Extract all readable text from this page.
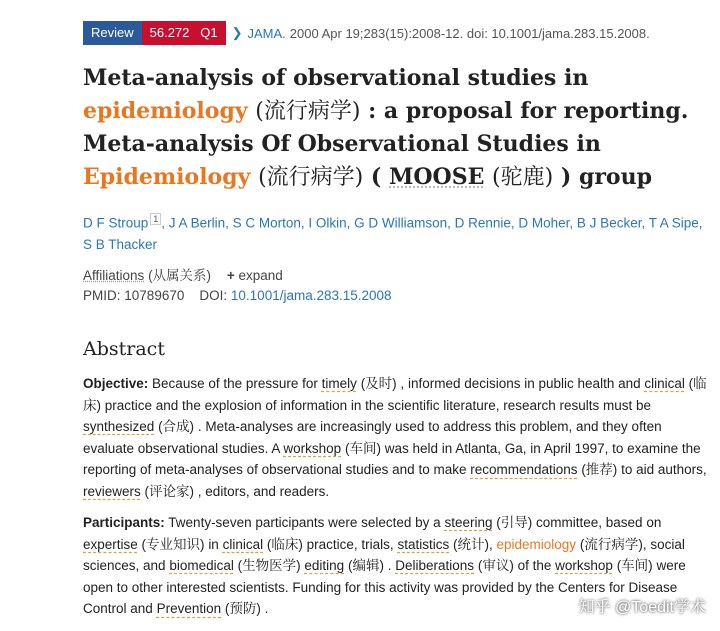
Review	56.272 Q1	❯ JAMA. 2000 Apr 19;283(15):2008-12. doi: 10.1001/jama.283.15.2008.
Meta-analysis of observational studies in
epidemiology (流行病学) : a proposal for reporting.
Meta-analysis Of Observational Studies in
Epidemiology (流行病学) ( MOOSE (驼鹿) ) group
D F Stroup $^1$ , J A Berlin, S C Morton, I Olkin, G D Williamson, D Rennie, D Moher, B J Becker, T A Sipe, S B Thacker
Affiliations (从属关系) + expand
PMID: 10789670 DOI: 10.1001/jama.283.15.2008
Abstract

Objective: Because of the pressure for timely (及时) , informed decisions in public health and clinical (临床) practice and the explosion of information in the scientific literature, research results must be synthesized (合成) . Meta-analyses are increasingly used to address this problem, and they often evaluate observational studies. A workshop (车间) was held in Atlanta, Ga, in April 1997, to examine the reporting of meta-analyses of observational studies and to make recommendations (推荐) to aid authors, reviewers (评论家) , editors, and readers.

Participants: Twenty-seven participants were selected by a steering (引导) committee, based on expertise (专业知识) in clinical (临床) practice, trials, statistics (统计), epidemiology (流行病学), social sciences, and biomedical (生物医学) editing (编辑) . Deliberations (审议) of the workshop (车间) were open to other interested scientists. Funding for this activity was provided by the Centers for Disease Control and Prevention (预防) .	知乎 @Toedit学术
